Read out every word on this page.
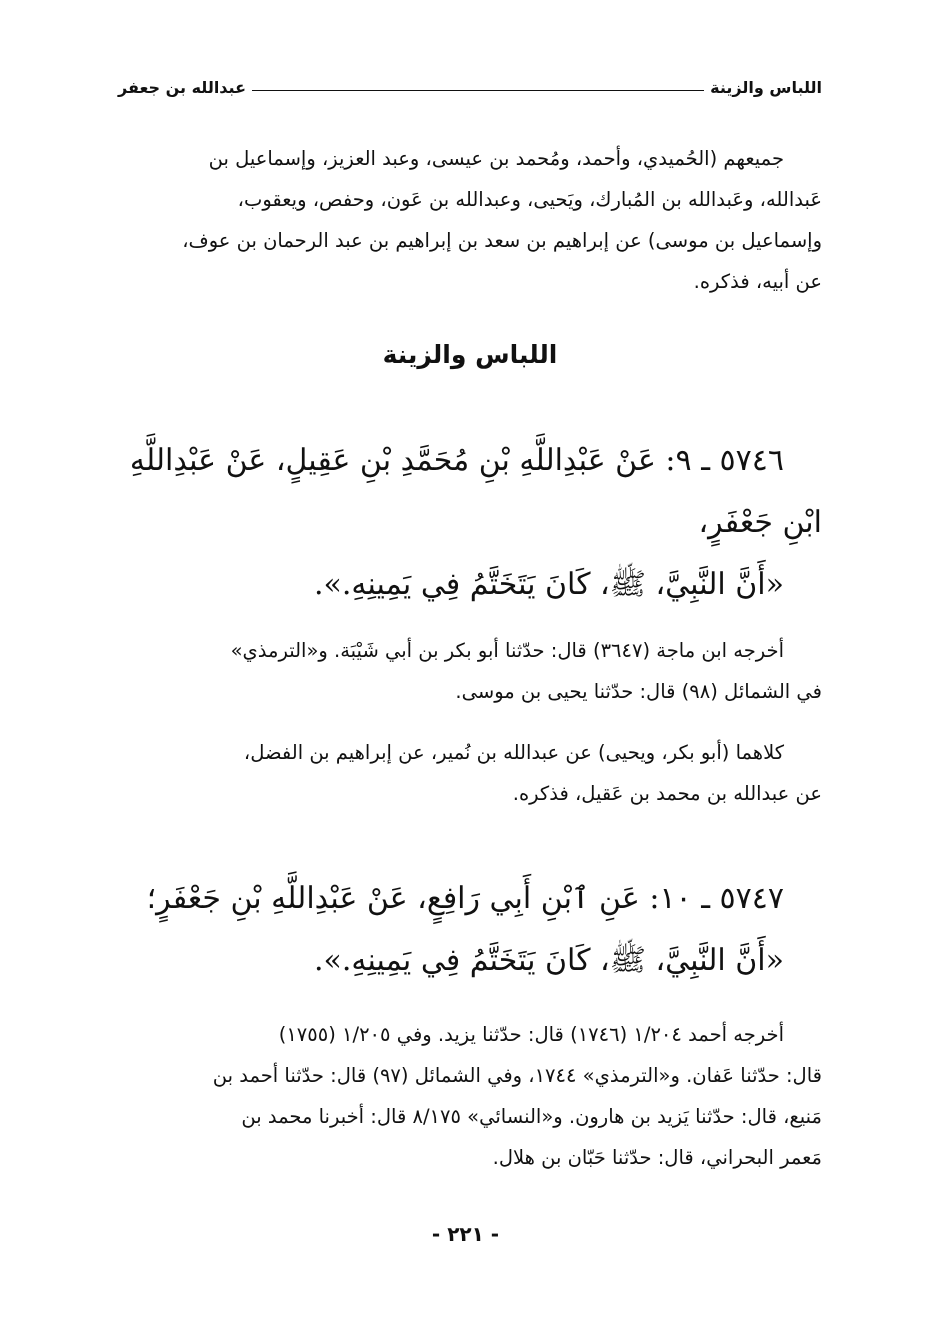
اللباس والزينة
عبدالله بن جعفر
جميعهم (الحُميدي، وأحمد، ومُحمد بن عيسى، وعبد العزيز، وإسماعيل بن
عَبدالله، وعَبدالله بن المُبارك، ويَحيى، وعبدالله بن عَون، وحفص، ويعقوب،
وإسماعيل بن موسى) عن إبراهيم بن سعد بن إبراهيم بن عبد الرحمان بن عوف،
عن أبيه، فذكره.
اللباس والزينة
٥٧٤٦ ـ ٩: عَنْ عَبْدِاللَّهِ بْنِ مُحَمَّدِ بْنِ عَقِيلٍ، عَنْ عَبْدِاللَّهِ
ابْنِ جَعْفَرٍ،
«أَنَّ النَّبِيَّ، ﷺ، كَانَ يَتَخَتَّمُ فِي يَمِينِهِ.».
أخرجه ابن ماجة (٣٦٤٧) قال: حدّثنا أبو بكر بن أبي شَيْبَة. و«الترمذي»
في الشمائل (٩٨) قال: حدّثنا يحيى بن موسى.
كلاهما (أبو بكر، ويحيى) عن عبدالله بن نُمير، عن إبراهيم بن الفضل،
عن عبدالله بن محمد بن عَقيل، فذكره.
٥٧٤٧ ـ ١٠: عَنِ ٱبْنِ أَبِي رَافِعٍ، عَنْ عَبْدِاللَّهِ بْنِ جَعْفَرٍ؛
«أَنَّ النَّبِيَّ، ﷺ، كَانَ يَتَخَتَّمُ فِي يَمِينِهِ.».
أخرجه أحمد ١/٢٠٤ (١٧٤٦) قال: حدّثنا يزيد. وفي ١/٢٠٥ (١٧٥٥)
قال: حدّثنا عَفان. و«الترمذي» ١٧٤٤، وفي الشمائل (٩٧) قال: حدّثنا أحمد بن
مَنيع، قال: حدّثنا يَزيد بن هارون. و«النسائي» ٨/١٧٥ قال: أخبرنا محمد بن
مَعمر البحراني، قال: حدّثنا حَبّان بن هلال.
- ٢٢١ -
